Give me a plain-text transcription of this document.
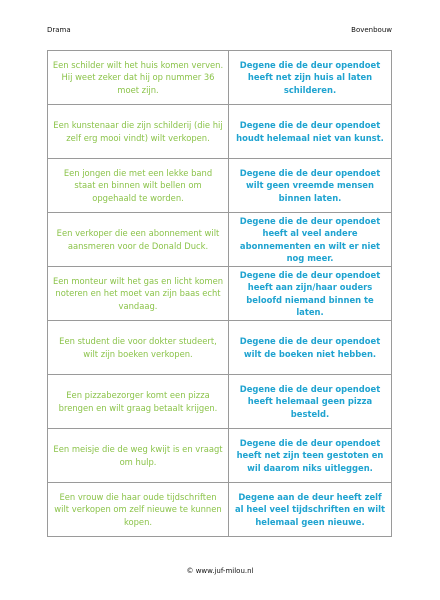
Drama	Bovenbouw
Een schilder wilt het huis komen verven. Hij weet zeker dat hij op nummer 36 moet zijn.	Degene die de deur opendoet heeft net zijn huis al laten schilderen.
Een kunstenaar die zijn schilderij (die hij zelf erg mooi vindt) wilt verkopen.	Degene die de deur opendoet houdt helemaal niet van kunst.
Een jongen die met een lekke band staat en binnen wilt bellen om opgehaald te worden.	Degene die de deur opendoet wilt geen vreemde mensen binnen laten.
Een verkoper die een abonnement wilt aansmeren voor de Donald Duck.	Degene die de deur opendoet heeft al veel andere abonnementen en wilt er niet nog meer.
Een monteur wilt het gas en licht komen noteren en het moet van zijn baas echt vandaag.	Degene die de deur opendoet heeft aan zijn/haar ouders beloofd niemand binnen te laten.
Een student die voor dokter studeert, wilt zijn boeken verkopen.	Degene die de deur opendoet wilt de boeken niet hebben.
Een pizzabezorger komt een pizza brengen en wilt graag betaalt krijgen.	Degene die de deur opendoet heeft helemaal geen pizza besteld.
Een meisje die de weg kwijt is en vraagt om hulp.	Degene die de deur opendoet heeft net zijn teen gestoten en wil daarom niks uitleggen.
Een vrouw die haar oude tijdschriften wilt verkopen om zelf nieuwe te kunnen kopen.	Degene aan de deur heeft zelf al heel veel tijdschriften en wilt helemaal geen nieuwe.
© www.juf-milou.nl
